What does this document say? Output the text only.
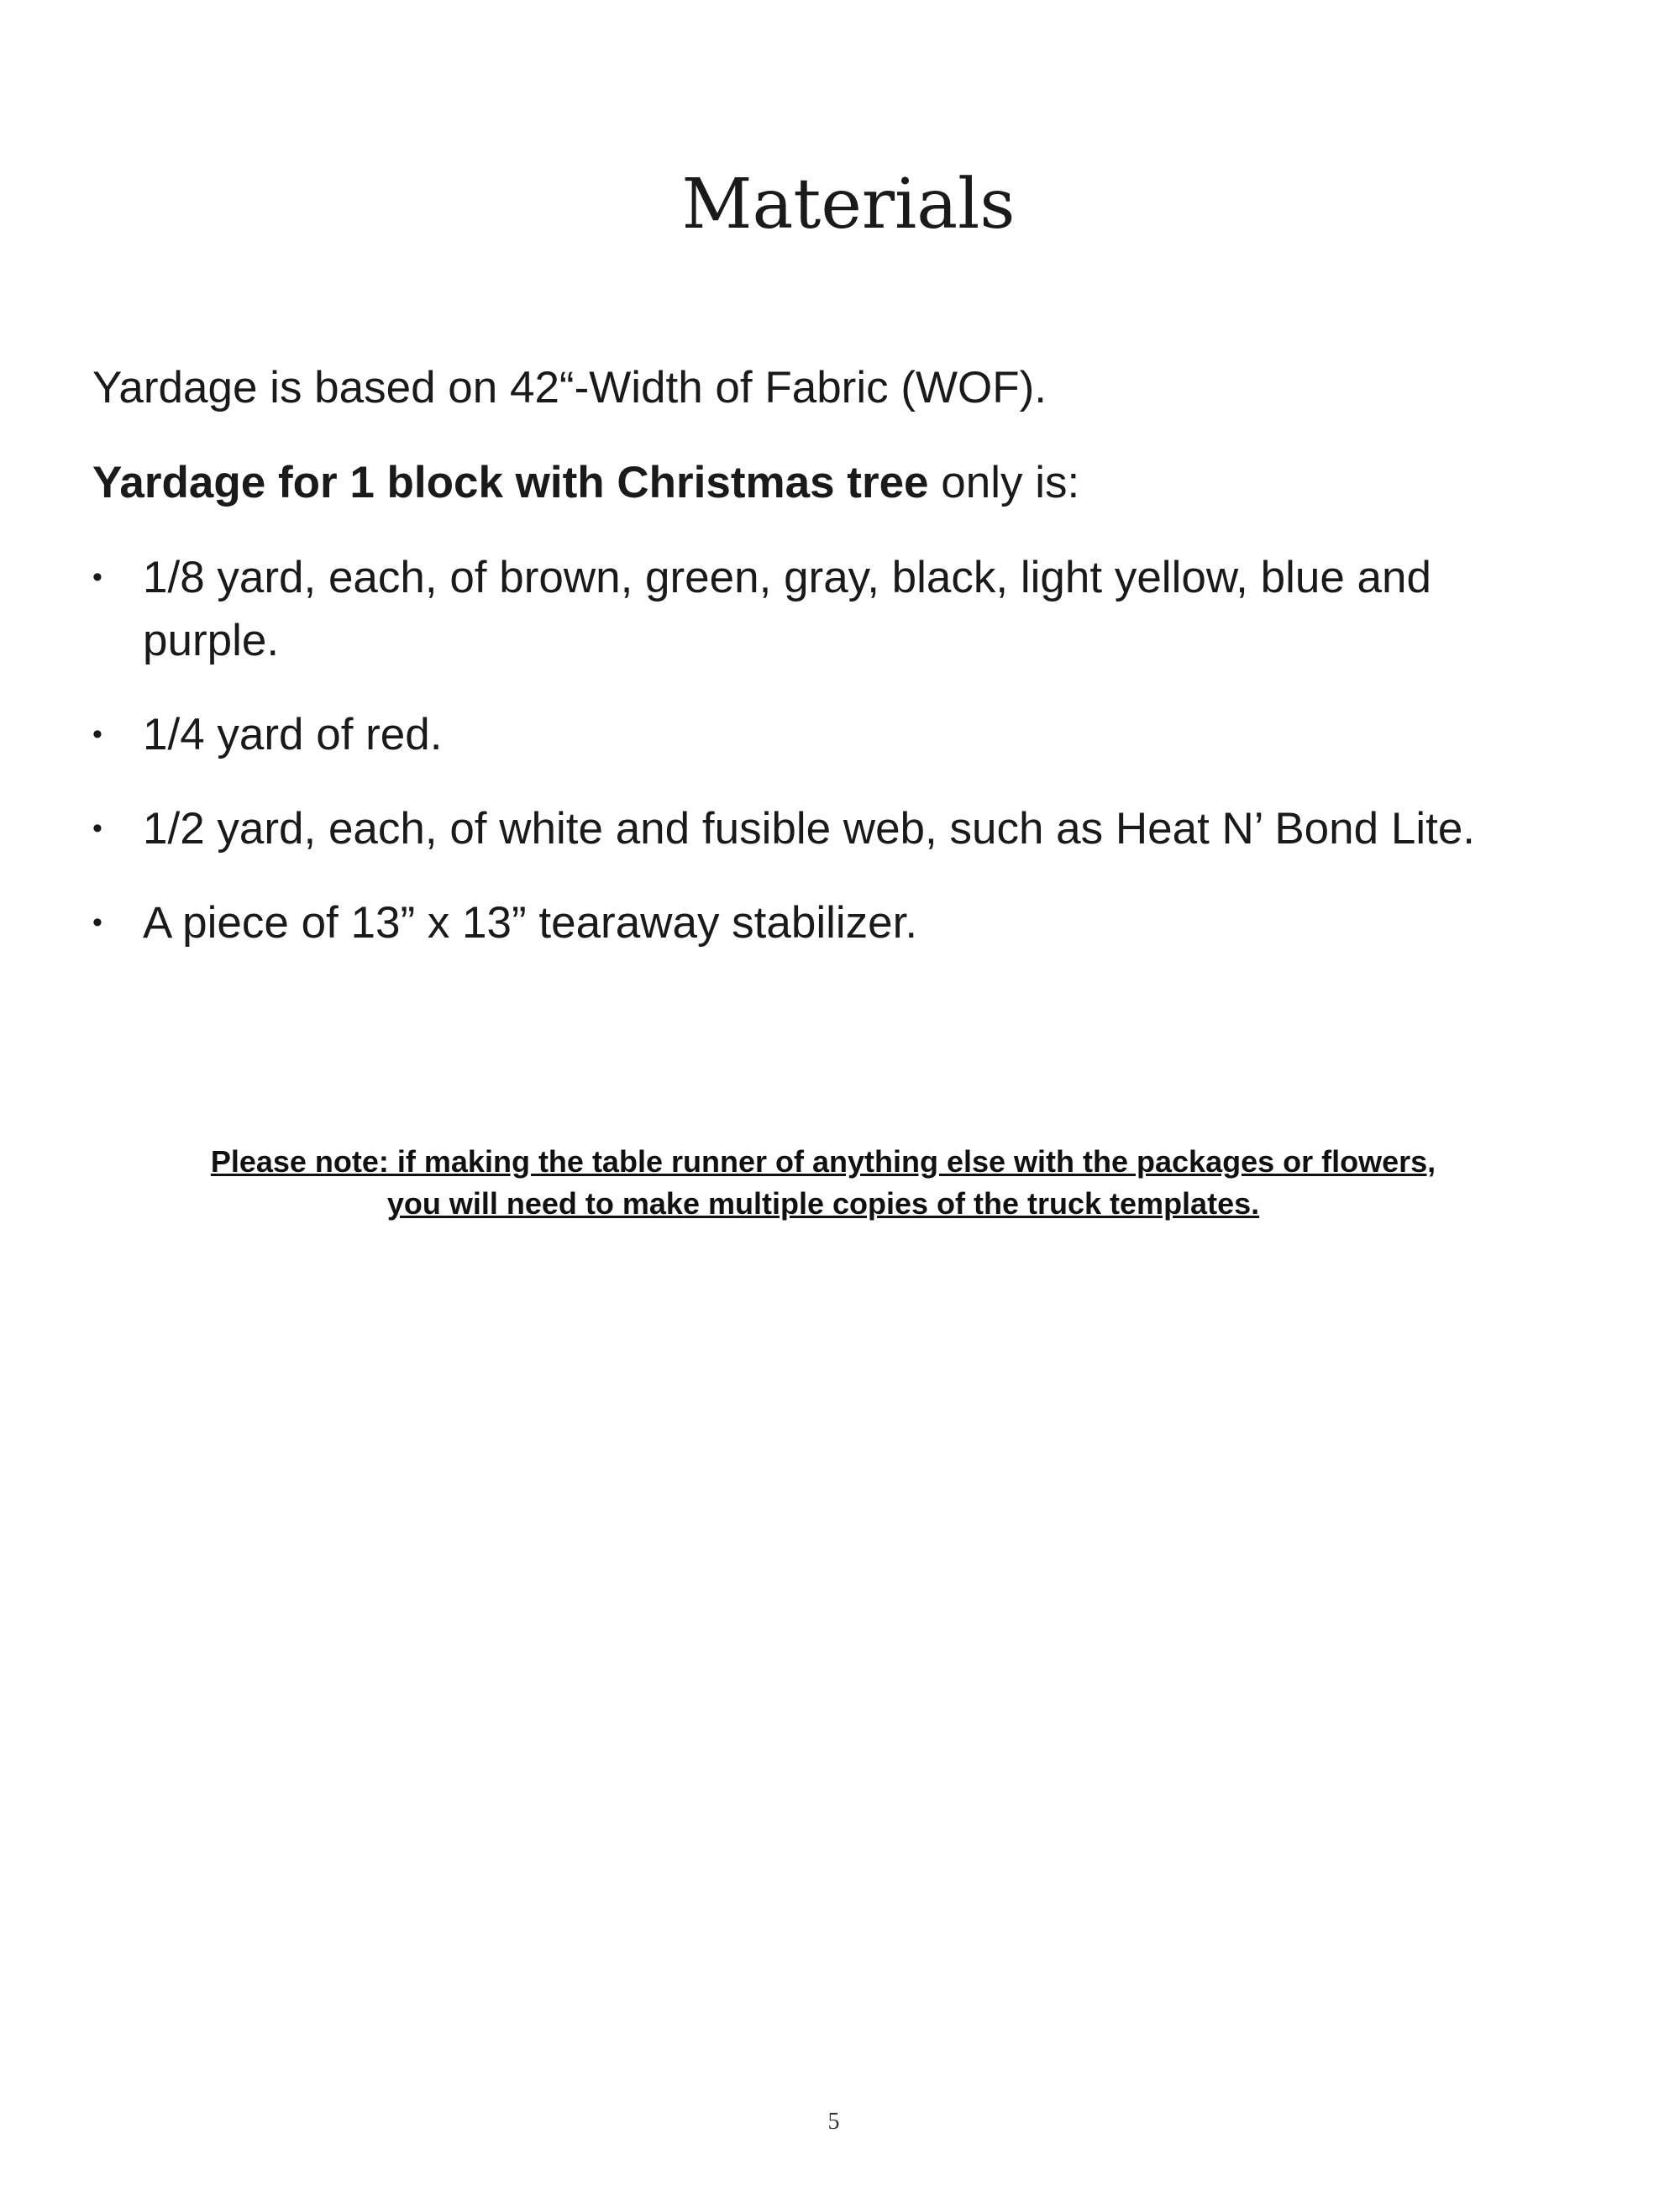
Materials
Yardage is based on 42“-Width of Fabric (WOF).
Yardage for 1 block with Christmas tree only is:
• 1/8 yard, each, of brown, green, gray, black, light yellow, blue and purple.
• 1/4 yard of red.
• 1/2 yard, each, of white and fusible web, such as Heat N’ Bond Lite.
• A piece of 13” x 13” tearaway stabilizer.
Please note: if making the table runner of anything else with the packages or flowers,
you will need to make multiple copies of the truck templates.
5
